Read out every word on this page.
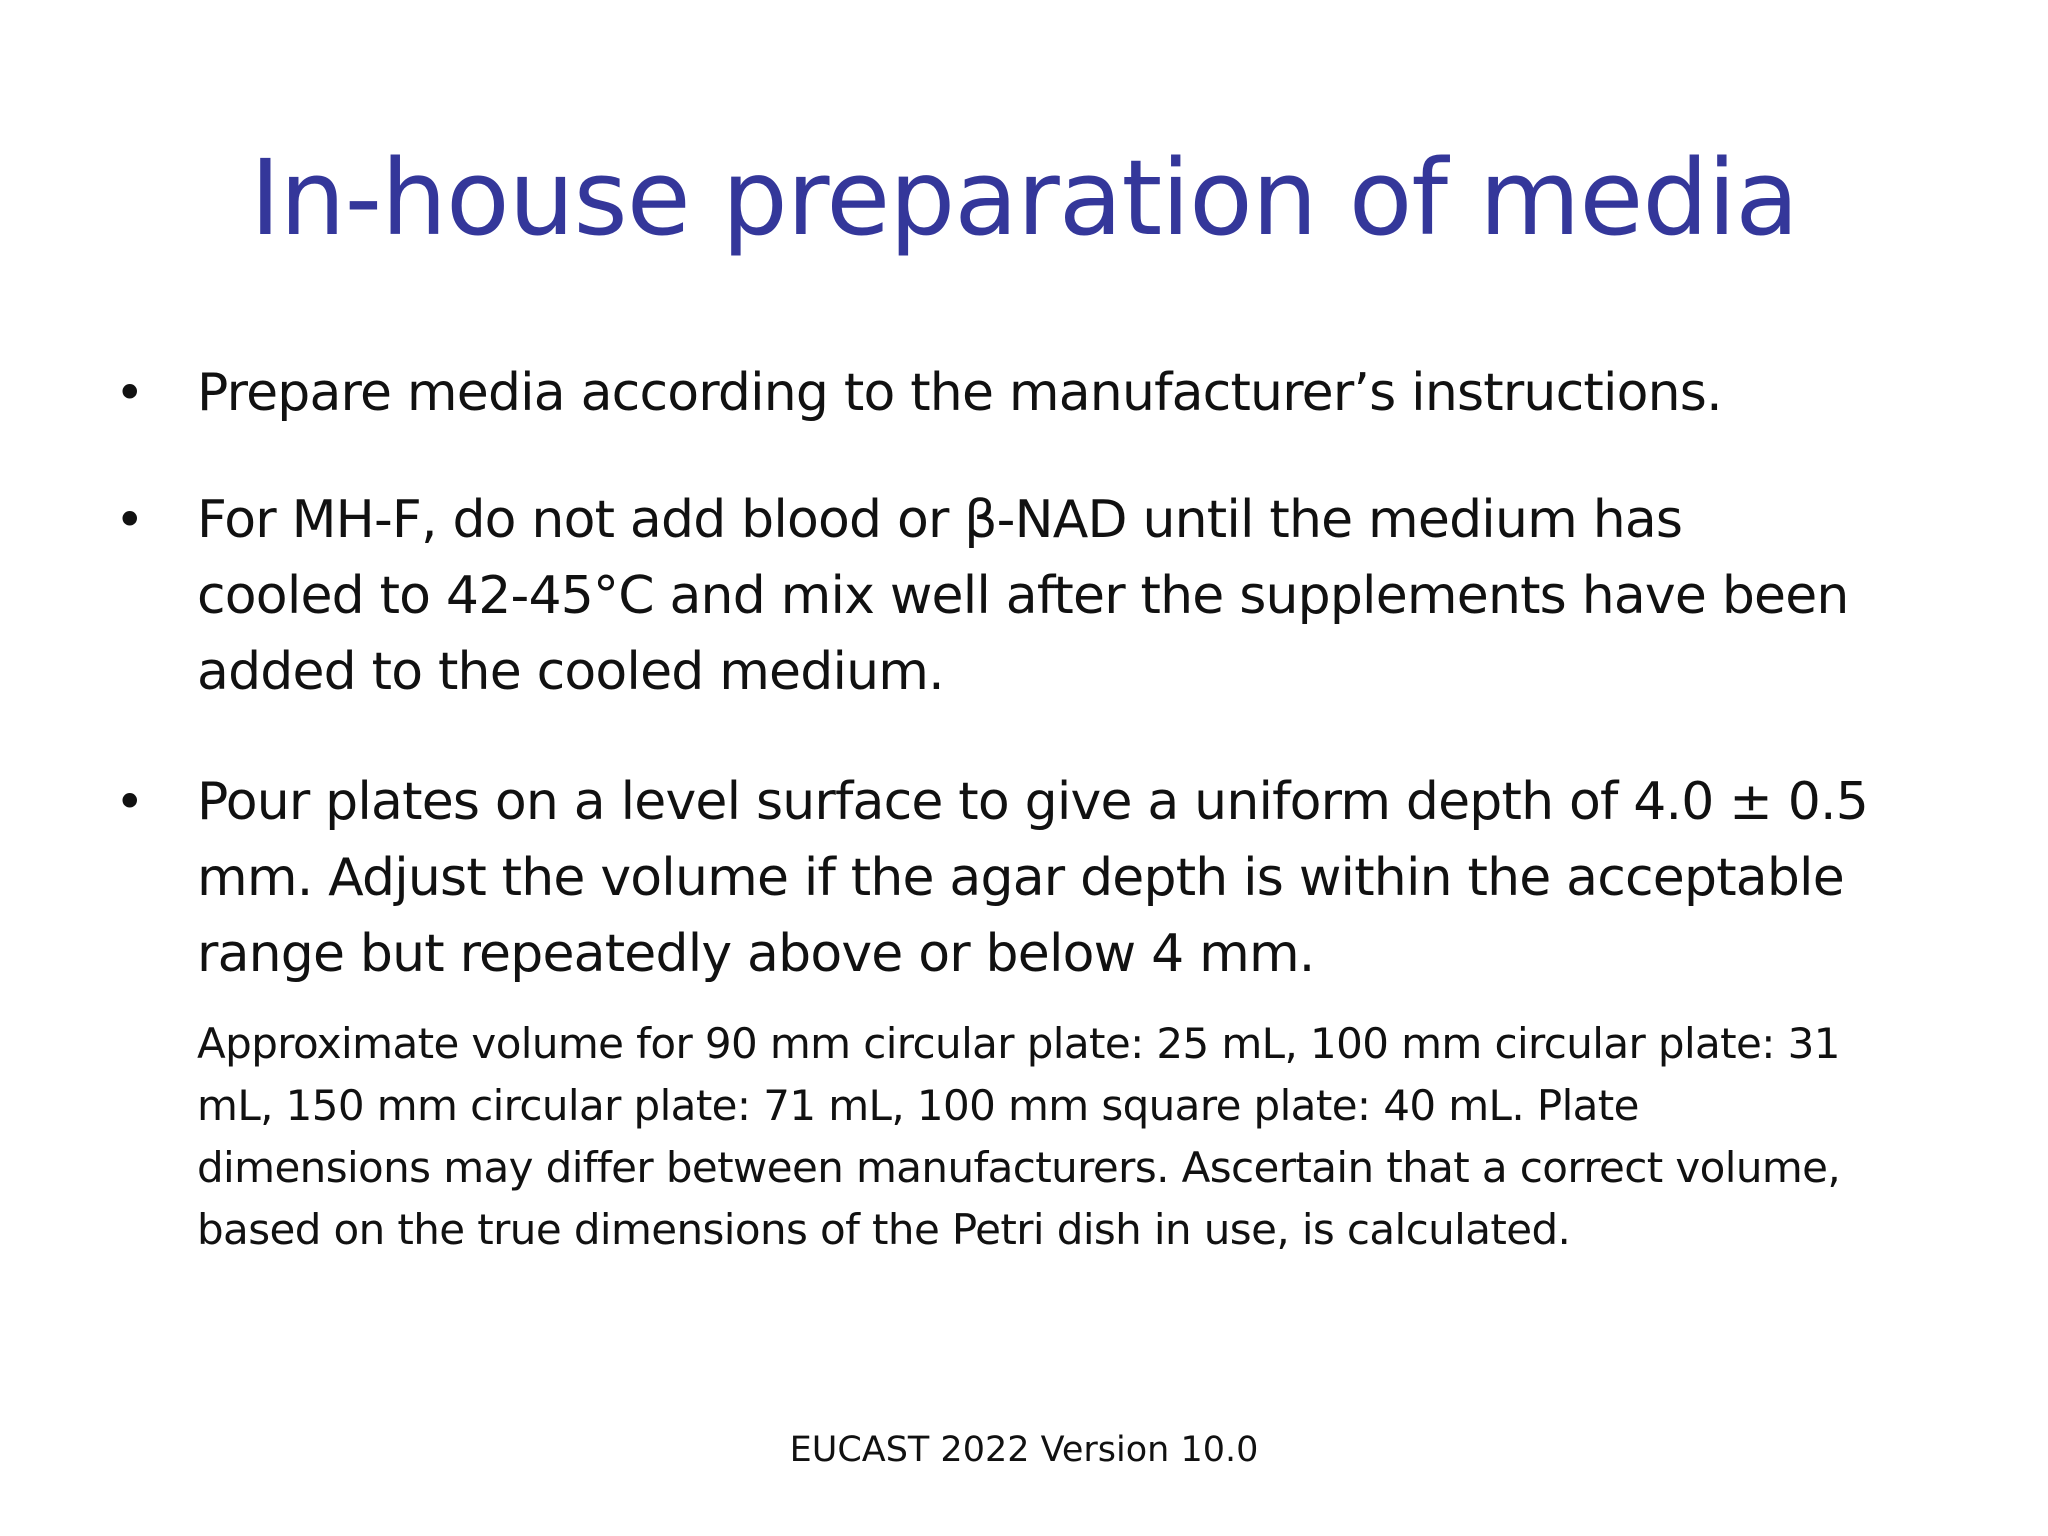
In-house preparation of media
• Prepare media according to the manufacturer’s instructions.
• For MH-F, do not add blood or β-NAD until the medium has
cooled to 42-45°C and mix well after the supplements have been
added to the cooled medium.
• Pour plates on a level surface to give a uniform depth of 4.0 ± 0.5
mm. Adjust the volume if the agar depth is within the acceptable
range but repeatedly above or below 4 mm.
Approximate volume for 90 mm circular plate: 25 mL, 100 mm circular plate: 31
mL, 150 mm circular plate: 71 mL, 100 mm square plate: 40 mL. Plate
dimensions may differ between manufacturers. Ascertain that a correct volume,
based on the true dimensions of the Petri dish in use, is calculated.
EUCAST 2022 Version 10.0
